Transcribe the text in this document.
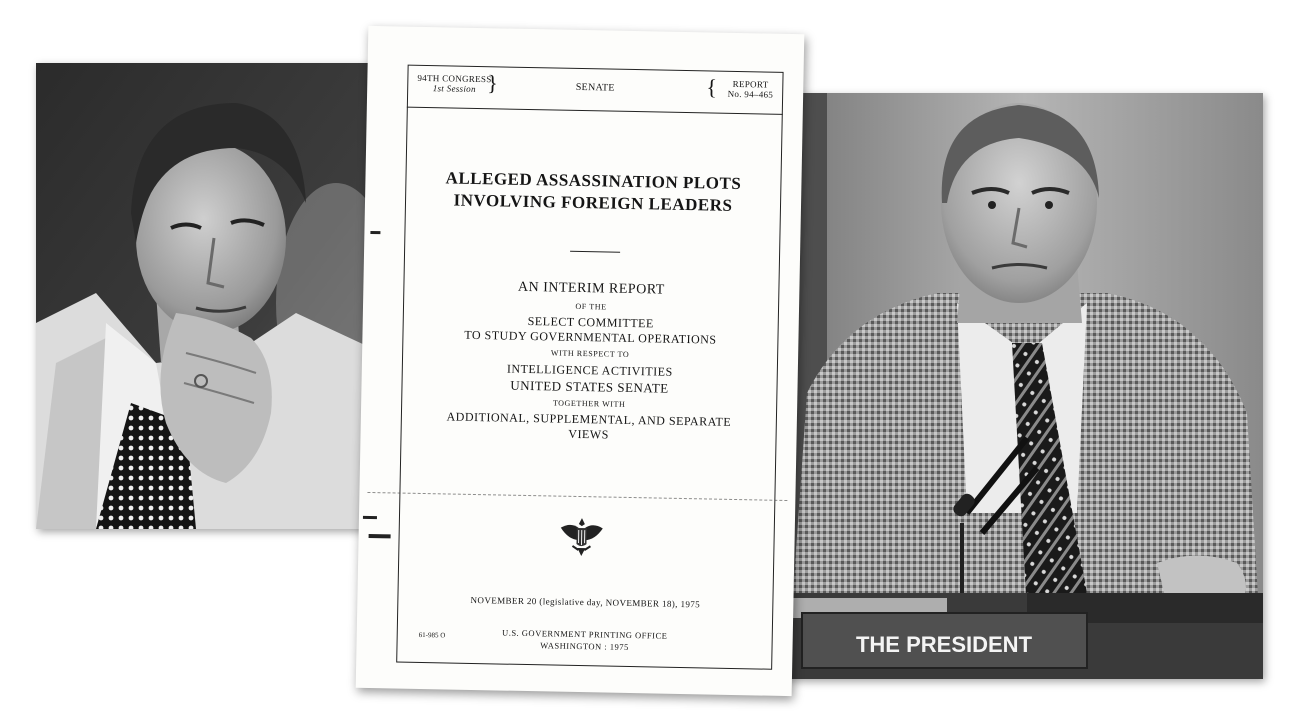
THE PRESIDENT
94TH CONGRESS
1st Session }	SENATE	{	REPORT
No. 94–465
ALLEGED ASSASSINATION PLOTS
INVOLVING FOREIGN LEADERS
AN INTERIM REPORT
OF THE
SELECT COMMITTEE
TO STUDY GOVERNMENTAL OPERATIONS
WITH RESPECT TO
INTELLIGENCE ACTIVITIES
UNITED STATES SENATE
TOGETHER WITH
ADDITIONAL, SUPPLEMENTAL, AND SEPARATE
VIEWS
NOVEMBER 20 (legislative day, NOVEMBER 18), 1975
U.S. GOVERNMENT PRINTING OFFICE
WASHINGTON : 1975
61-985 O
